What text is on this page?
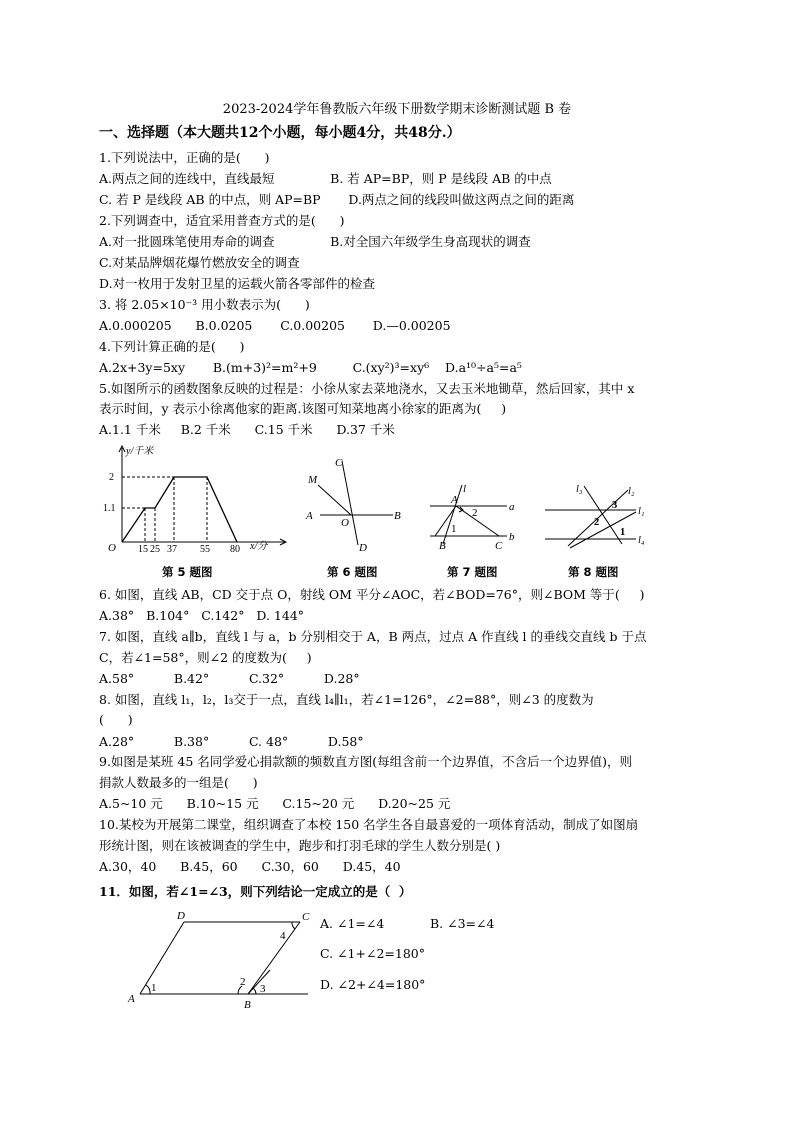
2023-2024学年鲁教版六年级下册数学期末诊断测试题 B 卷
一、选择题（本大题共12个小题，每小题4分，共48分.）
1.下列说法中，正确的是(      )
A.两点之间的连线中，直线最短              B. 若 AP=BP，则 P 是线段 AB 的中点
C. 若 P 是线段 AB 的中点，则 AP=BP       D.两点之间的线段叫做这两点之间的距离
2.下列调查中，适宜采用普查方式的是(      )
A.对一批圆珠笔使用寿命的调查              B.对全国六年级学生身高现状的调查
C.对某品牌烟花爆竹燃放安全的调查
D.对一枚用于发射卫星的运载火箭各零部件的检查
3. 将 2.05×10⁻³ 用小数表示为(      )
A.0.000205      B.0.0205       C.0.00205       D.—0.00205
4.下列计算正确的是(      )
A.2x+3y=5xy       B.(m+3)²=m²+9         C.(xy²)³=xy⁶    D.a¹⁰÷a⁵=a⁵
5.如图所示的函数图象反映的过程是：小徐从家去菜地浇水，又去玉米地锄草，然后回家，其中 x
表示时间，y 表示小徐离他家的距离.该图可知菜地离小徐家的距离为(     )
A.1.1 千米     B.2 千米      C.15 千米      D.37 千米
y/千米
x/分
2
1.1
O 15 25 37 55 80
M
C
A
O
B
D
A
l
2	a
1
B	C
b
l₃	l₂
l₁
3
2
1
l₄
第 5 题图	第 6 题图	第 7 题图	第 8 题图
6. 如图，直线 AB，CD 交于点 O，射线 OM 平分∠AOC，若∠BOD=76°，则∠BOM 等于(     )
A.38°   B.104°   C.142°   D. 144°
7. 如图，直线 a∥b，直线 l 与 a，b 分别相交于 A，B 两点，过点 A 作直线 l 的垂线交直线 b 于点
C，若∠1=58°，则∠2 的度数为(     )
A.58°          B.42°          C.32°          D.28°
8. 如图，直线 l₁，l₂，l₃交于一点，直线 l₄∥l₁，若∠1=126°，∠2=88°，则∠3 的度数为
(      )
A.28°          B.38°          C. 48°          D.58°
9.如图是某班 45 名同学爱心捐款额的频数直方图(每组含前一个边界值，不含后一个边界值)，则
捐款人数最多的一组是(      )
A.5~10 元      B.10~15 元      C.15~20 元      D.20~25 元
10.某校为开展第二课堂，组织调查了本校 150 名学生各自最喜爱的一项体育活动，制成了如图扇
形统计图，则在该被调查的学生中，跑步和打羽毛球的学生人数分别是( )
A.30，40      B.45，60      C.30，60      D.45，40
11．如图，若∠1=∠3，则下列结论一定成立的是（  ）
D	C
4
2
3
1
A	B
A. ∠1=∠4	B. ∠3=∠4
C. ∠1+∠2=180°
D. ∠2+∠4=180°
